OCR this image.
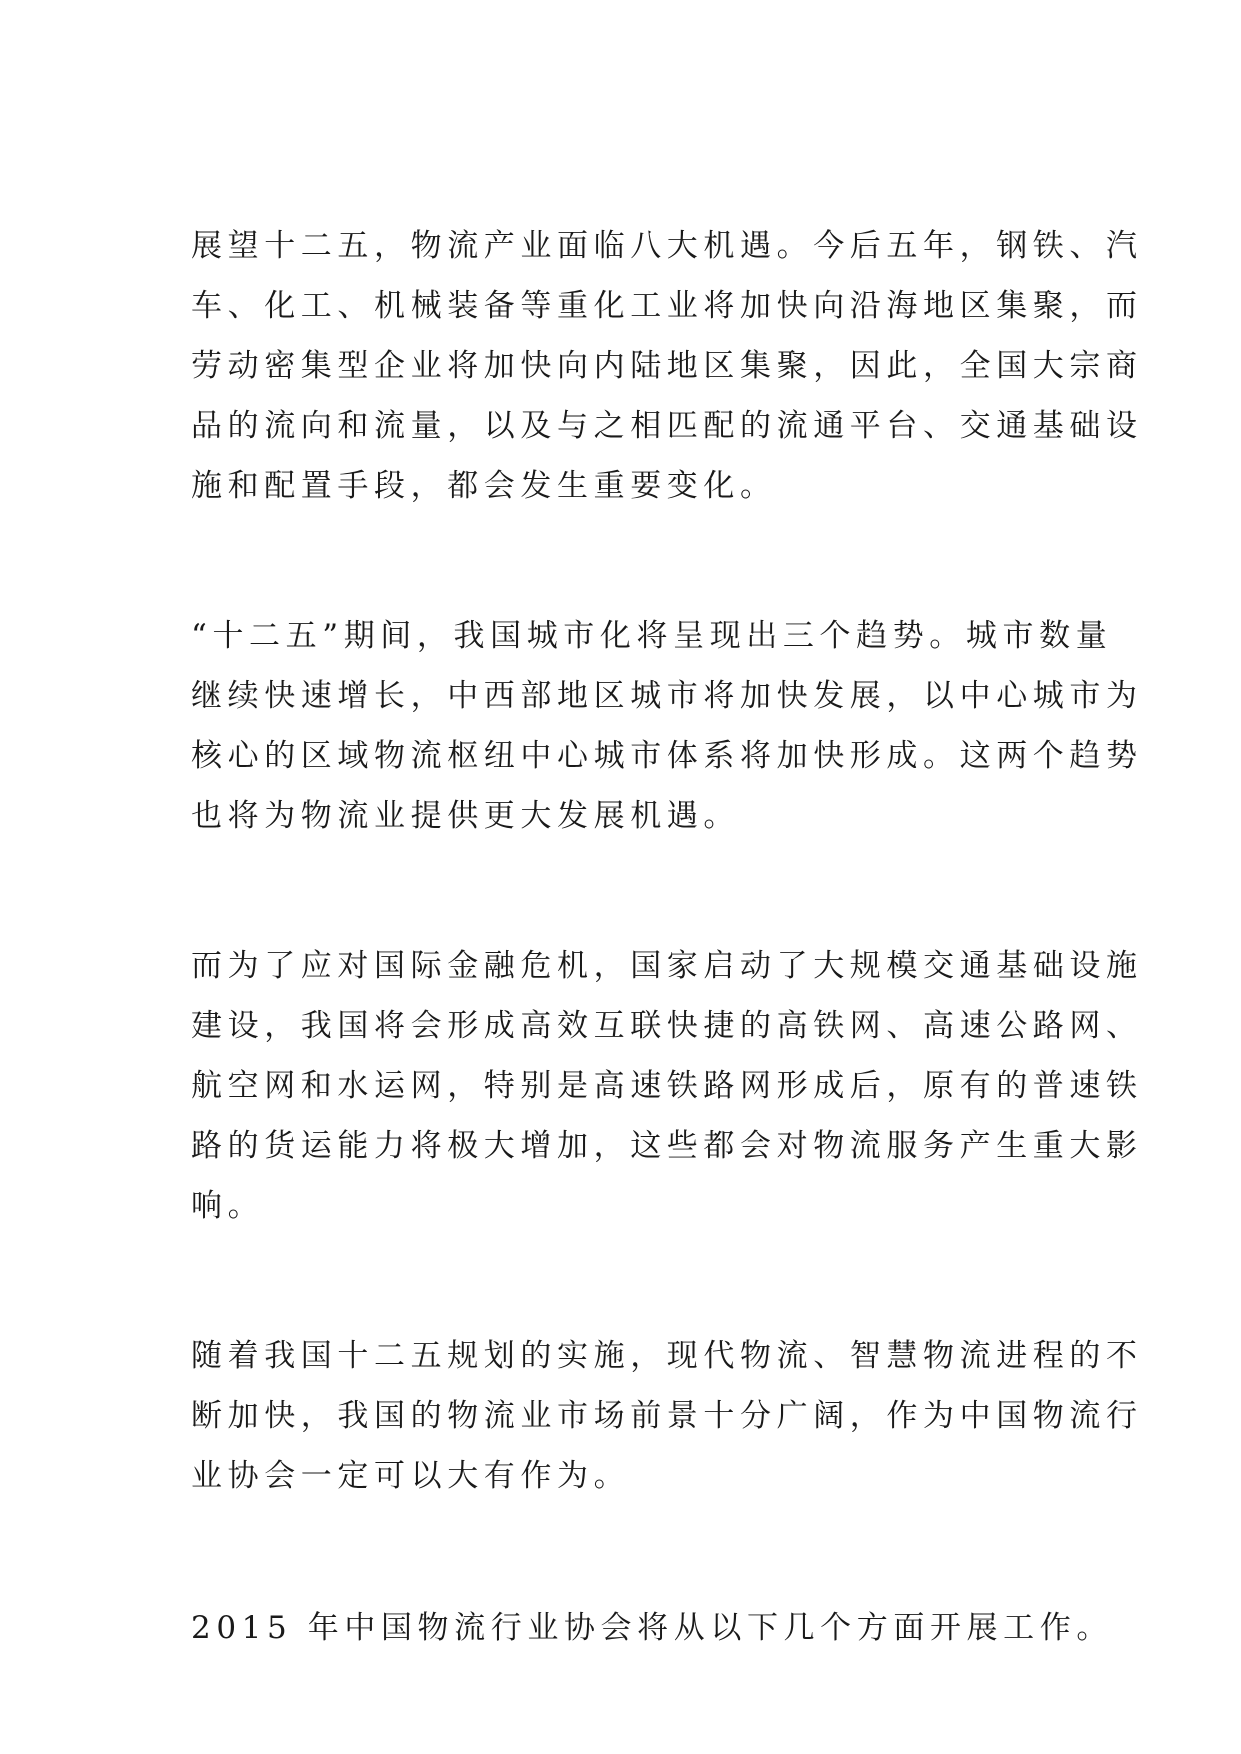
展望十二五，物流产业面临八大机遇。今后五年，钢铁、汽
车、化工、机械装备等重化工业将加快向沿海地区集聚，而
劳动密集型企业将加快向内陆地区集聚，因此，全国大宗商
品的流向和流量，以及与之相匹配的流通平台、交通基础设
施和配置手段，都会发生重要变化。
“十二五”期间，我国城市化将呈现出三个趋势。城市数量
继续快速增长，中西部地区城市将加快发展，以中心城市为
核心的区域物流枢纽中心城市体系将加快形成。这两个趋势
也将为物流业提供更大发展机遇。
而为了应对国际金融危机，国家启动了大规模交通基础设施
建设，我国将会形成高效互联快捷的高铁网、高速公路网、
航空网和水运网，特别是高速铁路网形成后，原有的普速铁
路的货运能力将极大增加，这些都会对物流服务产生重大影
响。
随着我国十二五规划的实施，现代物流、智慧物流进程的不
断加快，我国的物流业市场前景十分广阔，作为中国物流行
业协会一定可以大有作为。
2015 年中国物流行业协会将从以下几个方面开展工作。
